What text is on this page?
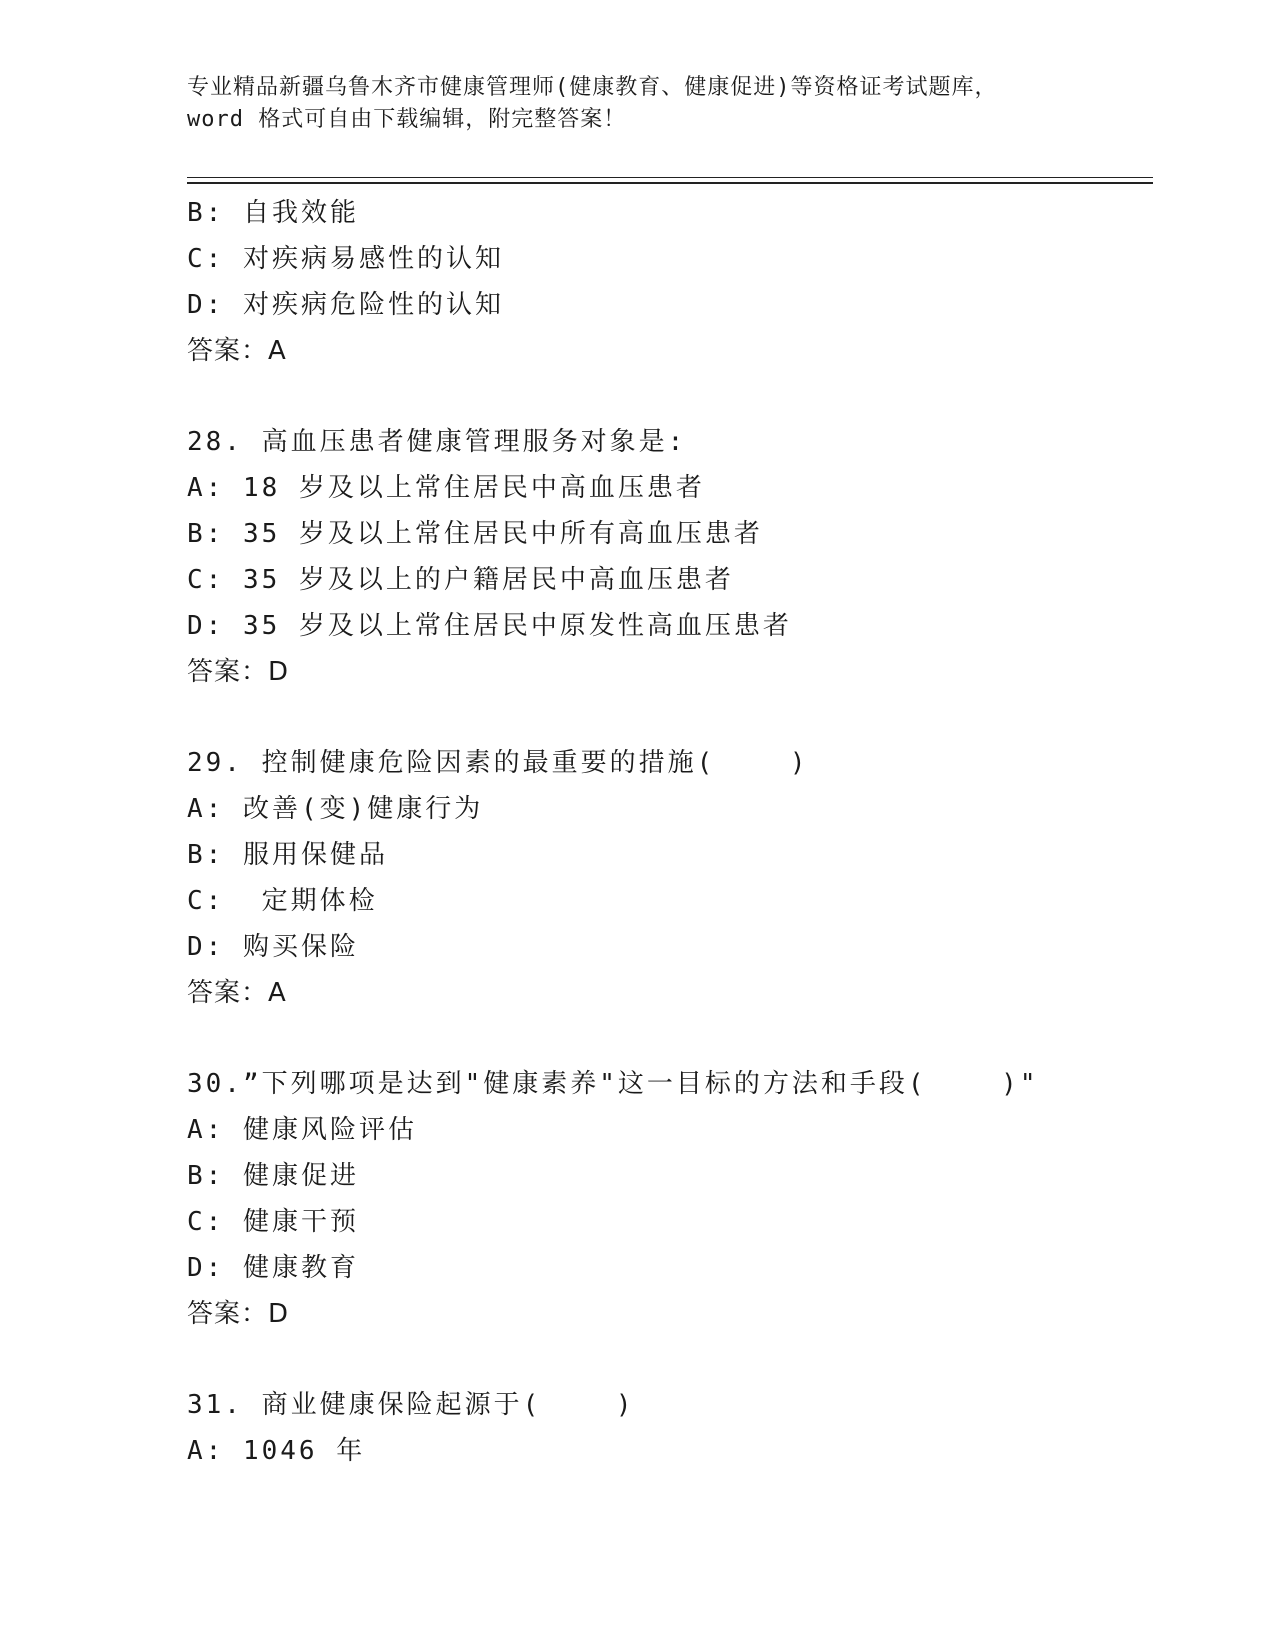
专业精品新疆乌鲁木齐市健康管理师(健康教育、健康促进)等资格证考试题库，
word 格式可自由下载编辑，附完整答案！
B: 自我效能
C: 对疾病易感性的认知
D: 对疾病危险性的认知
答案：A
28. 高血压患者健康管理服务对象是:
A: 18 岁及以上常住居民中高血压患者
B: 35 岁及以上常住居民中所有高血压患者
C: 35 岁及以上的户籍居民中高血压患者
D: 35 岁及以上常住居民中原发性高血压患者
答案：D
29. 控制健康危险因素的最重要的措施(    )
A: 改善(变)健康行为
B: 服用保健品
C:  定期体检
D: 购买保险
答案：A
30.”下列哪项是达到"健康素养"这一目标的方法和手段(    )"
A: 健康风险评估
B: 健康促进
C: 健康干预
D: 健康教育
答案：D
31. 商业健康保险起源于(    )
A: 1046 年
